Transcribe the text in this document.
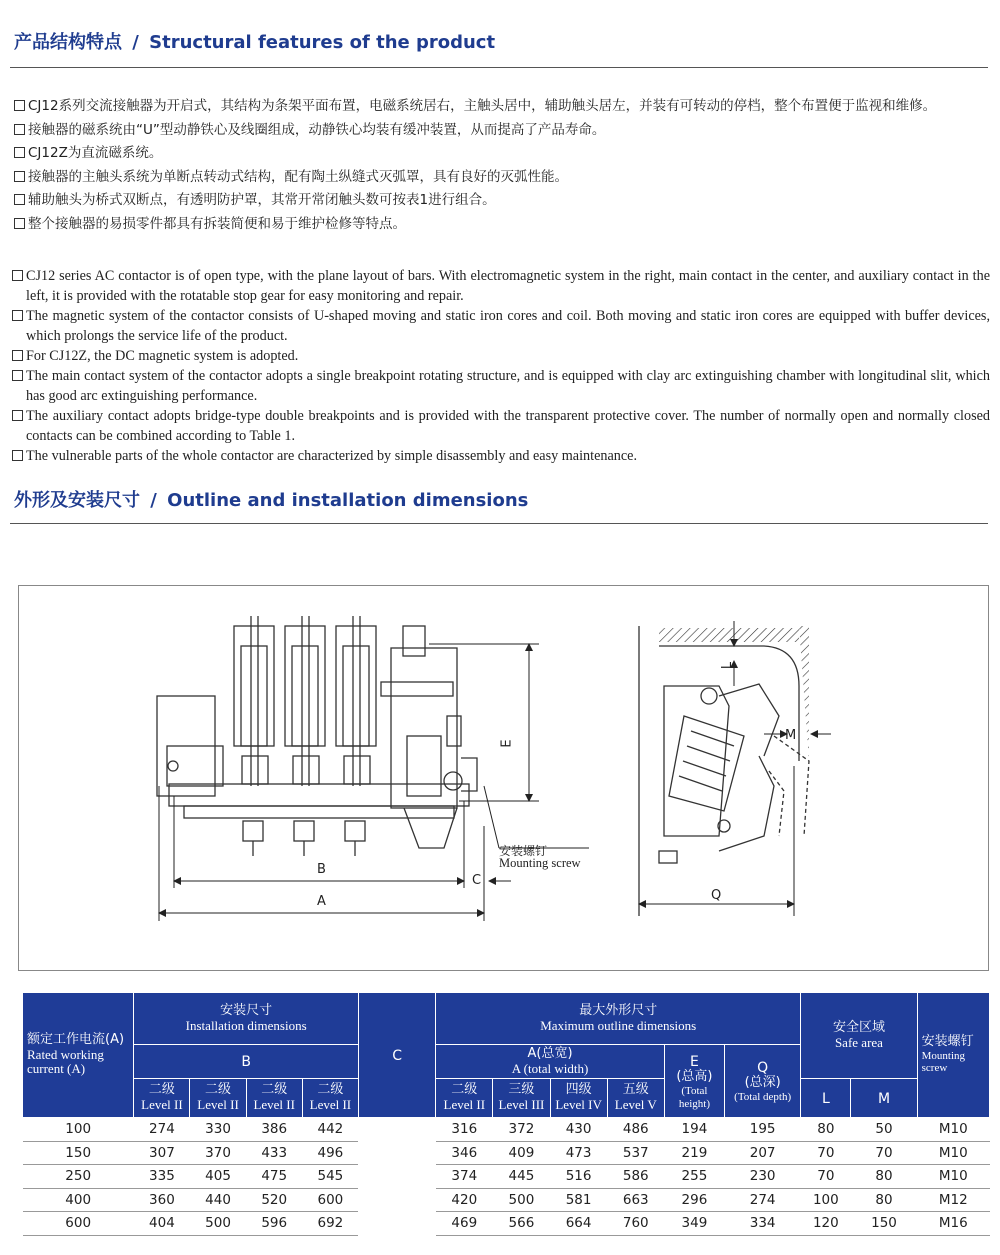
产品结构特点 / Structural features of the product
CJ12系列交流接触器为开启式，其结构为条架平面布置，电磁系统居右，主触头居中，辅助触头居左，并装有可转动的停档，整个布置便于监视和维修。
接触器的磁系统由“U”型动静铁心及线圈组成，动静铁心均装有缓冲装置，从而提高了产品寿命。
CJ12Z为直流磁系统。
接触器的主触头系统为单断点转动式结构，配有陶土纵缝式灭弧罩，具有良好的灭弧性能。
辅助触头为桥式双断点，有透明防护罩，其常开常闭触头数可按表1进行组合。
整个接触器的易损零件都具有拆装简便和易于维护检修等特点。
CJ12 series AC contactor is of open type, with the plane layout of bars. With electromagnetic system in the right, main contact in the center, and auxiliary contact in the left, it is provided with the rotatable stop gear for easy monitoring and repair.
The magnetic system of the contactor consists of U-shaped moving and static iron cores and coil. Both moving and static iron cores are equipped with buffer devices, which prolongs the service life of the product.
For CJ12Z, the DC magnetic system is adopted.
The main contact system of the contactor adopts a single breakpoint rotating structure, and is equipped with clay arc extinguishing chamber with longitudinal slit, which has good arc extinguishing performance.
The auxiliary contact adopts bridge-type double breakpoints and is provided with the transparent protective cover. The number of normally open and normally closed contacts can be combined according to Table 1.
The vulnerable parts of the whole contactor are characterized by simple disassembly and easy maintenance.
外形及安装尺寸 / Outline and installation dimensions
B
A
C
E
L
M
Q
安装螺钉
Mounting screw
额定工作电流(A)
Rated working
current (A)	安装尺寸
Installation dimensions				C	最大外形尺寸
Maximum outline dimensions						安全区域
Safe area		安装螺钉
Mounting
screw

	B					A(总宽)
A (total width)				E
(总高)
(Total height)	Q
(总深)
(Total depth)			

	二级
Level II	二级
Level II	二级
Level II	二级
Level II		二级
Level II	三级
Level III	四级
Level IV	五级
Level V			L	M	
100	274	330	386	442		316	372	430	486	194	195	80	50	M10
150	307	370	433	496		346	409	473	537	219	207	70	70	M10
250	335	405	475	545		374	445	516	586	255	230	70	80	M10
400	360	440	520	600		420	500	581	663	296	274	100	80	M12
600	404	500	596	692		469	566	664	760	349	334	120	150	M16
